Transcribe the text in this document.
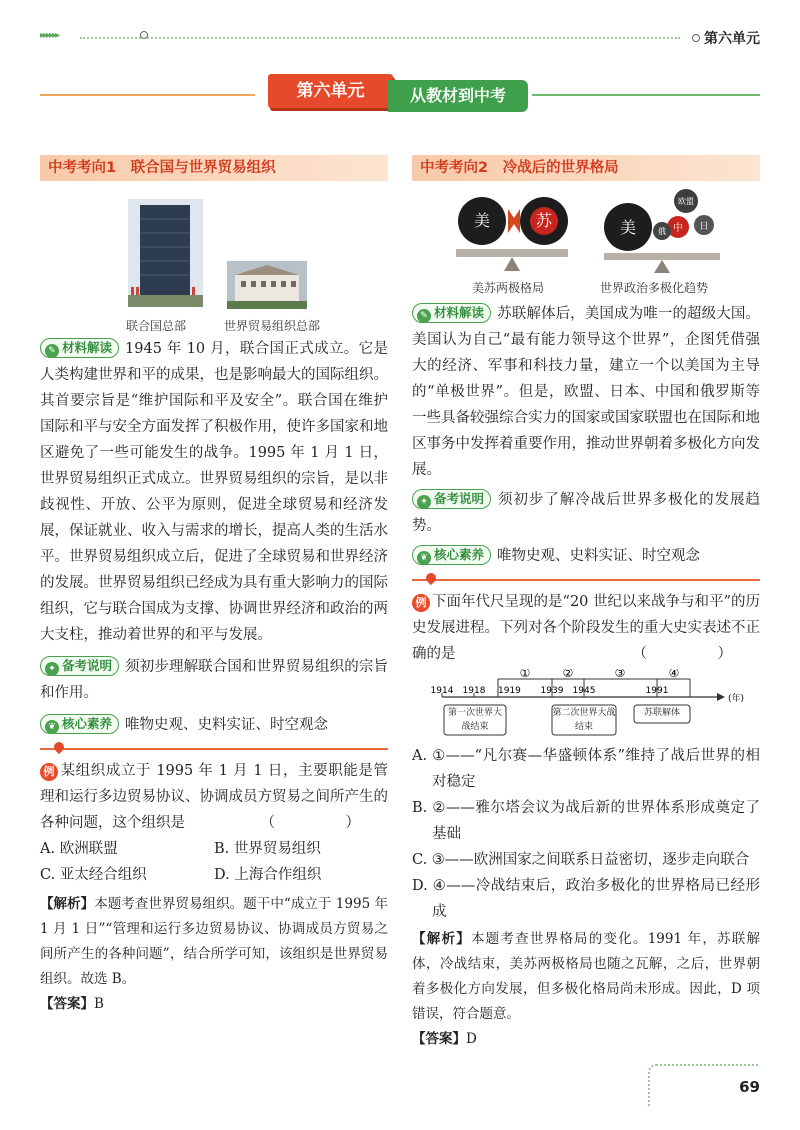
▸▸▸▸▸▸	第六单元
第六单元	从教材到中考
中考考向1　联合国与世界贸易组织
联合国总部	世界贸易组织总部
✎ 材料解读 1945 年 10 月，联合国正式成立。它是人类构建世界和平的成果，也是影响最大的国际组织。其首要宗旨是“维护国际和平及安全”。联合国在维护国际和平与安全方面发挥了积极作用，使许多国家和地区避免了一些可能发生的战争。1995 年 1 月 1 日，世界贸易组织正式成立。世界贸易组织的宗旨，是以非歧视性、开放、公平为原则，促进全球贸易和经济发展，保证就业、收入与需求的增长，提高人类的生活水平。世界贸易组织成立后，促进了全球贸易和世界经济的发展。世界贸易组织已经成为具有重大影响力的国际组织，它与联合国成为支撑、协调世界经济和政治的两大支柱，推动着世界的和平与发展。
✦ 备考说明 须初步理解联合国和世界贸易组织的宗旨和作用。
❦ 核心素养 唯物史观、史料实证、时空观念
例 某组织成立于 1995 年 1 月 1 日，主要职能是管理和运行多边贸易协议、协调成员方贸易之间所产生的各种问题，这个组织是	（　）
A. 欧洲联盟	B. 世界贸易组织
C. 亚太经合组织	D. 上海合作组织
【解析】本题考查世界贸易组织。题干中“成立于 1995 年 1 月 1 日”“管理和运行多边贸易协议、协调成员方贸易之间所产生的各种问题”，结合所学可知，该组织是世界贸易组织。故选 B。
【答案】B
中考考向2　冷战后的世界格局
美	苏	美
欧盟
中 日
俄
美苏两极格局	世界政治多极化趋势
✎ 材料解读 苏联解体后，美国成为唯一的超级大国。美国认为自己“最有能力领导这个世界”，企图凭借强大的经济、军事和科技力量，建立一个以美国为主导的“单极世界”。但是，欧盟、日本、中国和俄罗斯等一些具备较强综合实力的国家或国家联盟也在国际和地区事务中发挥着重要作用，推动世界朝着多极化方向发展。
✦ 备考说明 须初步了解冷战后世界多极化的发展趋势。
❦ 核心素养 唯物史观、史料实证、时空观念
例 下面年代尺呈现的是“20 世纪以来战争与和平”的历史发展进程。下列对各个阶段发生的重大史实表述不正确的是	（　）
①	②	③	④
1914 1918 1919 1939 1945	1991
(年)
第一次世界大战结束
第二次世界大战结束
苏联解体
A. ①——“凡尔赛—华盛顿体系”维持了战后世界的相对稳定
B. ②——雅尔塔会议为战后新的世界体系形成奠定了基础
C. ③——欧洲国家之间联系日益密切，逐步走向联合
D. ④——冷战结束后，政治多极化的世界格局已经形成
【解析】本题考查世界格局的变化。1991 年，苏联解体，冷战结束，美苏两极格局也随之瓦解，之后，世界朝着多极化方向发展，但多极化格局尚未形成。因此，D 项错误，符合题意。
【答案】D
69
